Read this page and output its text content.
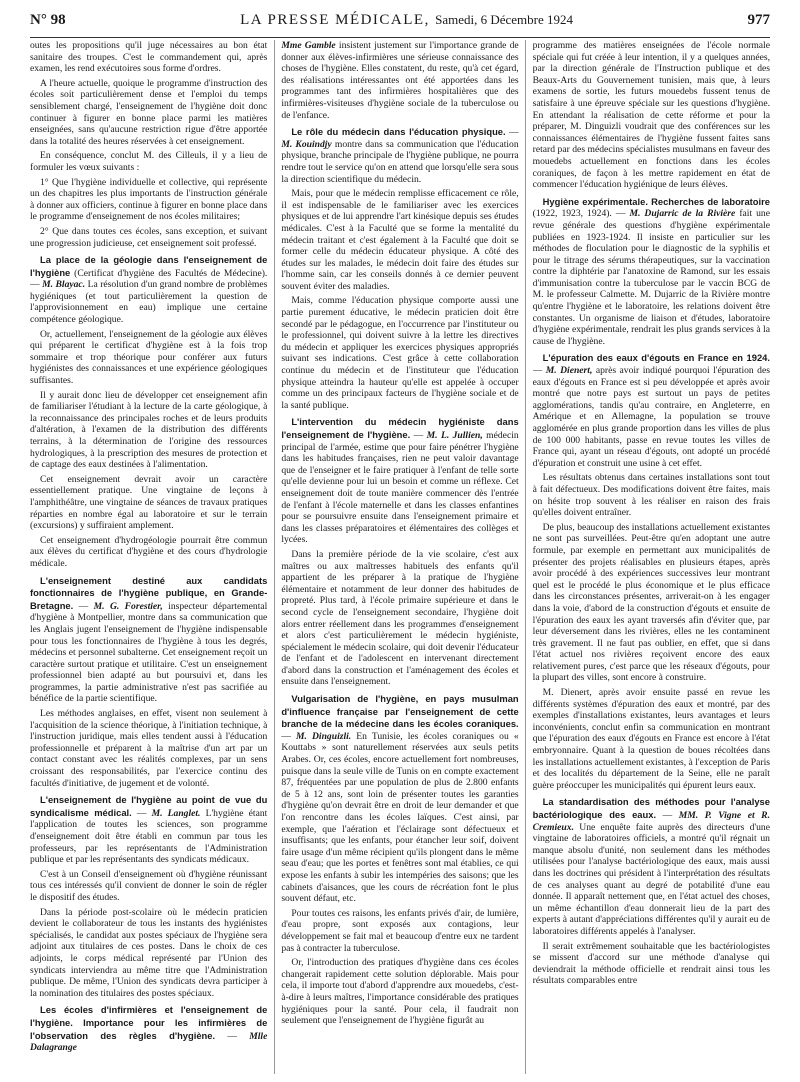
N° 98	LA PRESSE MÉDICALE, Samedi, 6 Décembre 1924	977

outes les propositions qu'il juge nécessaires au bon état sanitaire des troupes. C'est le commandement qui, après examen, les rend exécutoires sous forme d'ordres.

A l'heure actuelle, quoique le programme d'instruction des écoles soit particulièrement dense et l'emploi du temps sensiblement chargé, l'enseignement de l'hygiène doit donc continuer à figurer en bonne place parmi les matières enseignées, sans qu'aucune restriction rigue d'être apportée dans la totalité des heures réservées à cet enseignement.

En conséquence, conclut M. des Cilleuls, il y a lieu de formuler les vœux suivants :

1° Que l'hygiène individuelle et collective, qui représente un des chapitres les plus importants de l'instruction générale à donner aux officiers, continue à figurer en bonne place dans le programme d'enseignement de nos écoles militaires;

2° Que dans toutes ces écoles, sans exception, et suivant une progression judicieuse, cet enseignement soit professé.

La place de la géologie dans l'enseignement de l'hygiène (Certificat d'hygiène des Facultés de Médecine). — M. Blayac. La résolution d'un grand nombre de problèmes hygiéniques (et tout particulièrement la question de l'approvisionnement en eau) implique une certaine compétence géologique.

Or, actuellement, l'enseignement de la géologie aux élèves qui préparent le certificat d'hygiène est à la fois trop sommaire et trop théorique pour conférer aux futurs hygiénistes des connaissances et une expérience géologiques suffisantes.

Il y aurait donc lieu de développer cet enseignement afin de familiariser l'étudiant à la lecture de la carte géologique, à la reconnaissance des principales roches et de leurs produits d'altération, à l'examen de la distribution des différents terrains, à la détermination de l'origine des ressources hydrologiques, à la prescription des mesures de protection et de captage des eaux destinées à l'alimentation.

Cet enseignement devrait avoir un caractère essentiellement pratique. Une vingtaine de leçons à l'amphithéâtre, une vingtaine de séances de travaux pratiques réparties en nombre égal au laboratoire et sur le terrain (excursions) y suffiraient amplement.

Cet enseignement d'hydrogéologie pourrait être commun aux élèves du certificat d'hygiène et des cours d'hydrologie médicale.

L'enseignement destiné aux candidats fonctionnaires de l'hygiène publique, en Grande-Bretagne. — M. G. Forestier, inspecteur départemental d'hygiène à Montpellier, montre dans sa communication que les Anglais jugent l'enseignement de l'hygiène indispensable pour tous les fonctionnaires de l'hygiène à tous les degrés, médecins et personnel subalterne. Cet enseignement reçoit un caractère surtout pratique et utilitaire. C'est un enseignement professionnel bien adapté au but poursuivi et, dans les programmes, la partie administrative n'est pas sacrifiée au bénéfice de la partie scientifique.

Les méthodes anglaises, en effet, visent non seulement à l'acquisition de la science théorique, à l'initiation technique, à l'instruction juridique, mais elles tendent aussi à l'éducation professionnelle et préparent à la maîtrise d'un art par un contact constant avec les réalités complexes, par un sens croissant des responsabilités, par l'exercice continu des facultés d'initiative, de jugement et de volonté.

L'enseignement de l'hygiène au point de vue du syndicalisme médical. — M. Langlet. L'hygiène étant l'application de toutes les sciences, son programme d'enseignement doit être établi en commun par tous les professeurs, par les représentants de l'Administration publique et par les représentants des syndicats médicaux.

C'est à un Conseil d'enseignement où d'hygiène réunissant tous ces intéressés qu'il convient de donner le soin de régler le dispositif des études.

Dans la période post-scolaire où le médecin praticien devient le collaborateur de tous les instants des hygiénistes spécialisés, le candidat aux postes spéciaux de l'hygiène sera adjoint aux titulaires de ces postes. Dans le choix de ces adjoints, le corps médical représenté par l'Union des syndicats interviendra au même titre que l'Administration publique. De même, l'Union des syndicats devra participer à la nomination des titulaires des postes spéciaux.

Les écoles d'infirmières et l'enseignement de l'hygiène. Importance pour les infirmières de l'observation des règles d'hygiène. — Mlle Dalagrange

Mme Gamble insistent justement sur l'importance grande de donner aux élèves-infirmières une sérieuse connaissance des choses de l'hygiène. Elles constatent, du reste, qu'à cet égard, des réalisations intéressantes ont été apportées dans les programmes tant des infirmières hospitalières que des infirmières-visiteuses d'hygiène sociale de la tuberculose ou de l'enfance.

Le rôle du médecin dans l'éducation physique. — M. Kouindjy montre dans sa communication que l'éducation physique, branche principale de l'hygiène publique, ne pourra rendre tout le service qu'on en attend que lorsqu'elle sera sous la direction scientifique du médecin.

Mais, pour que le médecin remplisse efficacement ce rôle, il est indispensable de le familiariser avec les exercices physiques et de lui apprendre l'art kinésique depuis ses études médicales. C'est à la Faculté que se forme la mentalité du médecin traitant et c'est également à la Faculté que doit se former celle du médecin éducateur physique. A côté des études sur les malades, le médecin doit faire des études sur l'homme sain, car les conseils donnés à ce dernier peuvent souvent éviter des maladies.

Mais, comme l'éducation physique comporte aussi une partie purement éducative, le médecin praticien doit être secondé par le pédagogue, en l'occurrence par l'instituteur ou le professionnel, qui doivent suivre à la lettre les directives du médecin et appliquer les exercices physiques appropriés suivant ses indications. C'est grâce à cette collaboration continue du médecin et de l'instituteur que l'éducation physique atteindra la hauteur qu'elle est appelée à occuper comme un des principaux facteurs de l'hygiène sociale et de la santé publique.

L'intervention du médecin hygiéniste dans l'enseignement de l'hygiène. — M. L. Jullien, médecin principal de l'armée, estime que pour faire pénétrer l'hygiène dans les habitudes françaises, rien ne peut valoir davantage que de l'enseigner et le faire pratiquer à l'enfant de telle sorte qu'elle devienne pour lui un besoin et comme un réflexe. Cet enseignement doit de toute manière commencer dès l'entrée de l'enfant à l'école maternelle et dans les classes enfantines pour se poursuivre ensuite dans l'enseignement primaire et dans les classes préparatoires et élémentaires des collèges et lycées.

Dans la première période de la vie scolaire, c'est aux maîtres ou aux maîtresses habituels des enfants qu'il appartient de les préparer à la pratique de l'hygiène élémentaire et notamment de leur donner des habitudes de propreté. Plus tard, à l'école primaire supérieure et dans le second cycle de l'enseignement secondaire, l'hygiène doit alors entrer réellement dans les programmes d'enseignement et alors c'est particulièrement le médecin hygiéniste, spécialement le médecin scolaire, qui doit devenir l'éducateur de l'enfant et de l'adolescent en intervenant directement d'abord dans la construction et l'aménagement des écoles et ensuite dans l'enseignement.

Vulgarisation de l'hygiène, en pays musulman d'influence française par l'enseignement de cette branche de la médecine dans les écoles coraniques. — M. Dinguizli. En Tunisie, les écoles coraniques ou « Kouttabs » sont naturellement réservées aux seuls petits Arabes. Or, ces écoles, encore actuellement fort nombreuses, puisque dans la seule ville de Tunis on en compte exactement 87, fréquentées par une population de plus de 2.800 enfants de 5 à 12 ans, sont loin de présenter toutes les garanties d'hygiène qu'on devrait être en droit de leur demander et que l'on rencontre dans les écoles laïques. C'est ainsi, par exemple, que l'aération et l'éclairage sont défectueux et insuffisants; que les enfants, pour étancher leur soif, doivent faire usage d'un même récipient qu'ils plongent dans le même seau d'eau; que les portes et fenêtres sont mal établies, ce qui expose les enfants à subir les intempéries des saisons; que les cabinets d'aisances, que les cours de récréation font le plus souvent défaut, etc.

Pour toutes ces raisons, les enfants privés d'air, de lumière, d'eau propre, sont exposés aux contagions, leur développement se fait mal et beaucoup d'entre eux ne tardent pas à contracter la tuberculose.

Or, l'introduction des pratiques d'hygiène dans ces écoles changerait rapidement cette solution déplorable. Mais pour cela, il importe tout d'abord d'apprendre aux mouedebs, c'est-à-dire à leurs maîtres, l'importance considérable des pratiques hygiéniques pour la santé. Pour cela, il faudrait non seulement que l'enseignement de l'hygiène figurât au

programme des matières enseignées de l'école normale spéciale qui fut créée à leur intention, il y a quelques années, par la direction générale de l'Instruction publique et des Beaux-Arts du Gouvernement tunisien, mais que, à leurs examens de sortie, les futurs mouedebs fussent tenus de satisfaire à une épreuve spéciale sur les questions d'hygiène. En attendant la réalisation de cette réforme et pour la préparer, M. Dinguizli voudrait que des conférences sur les connaissances élémentaires de l'hygiène fussent faites sans retard par des médecins spécialistes musulmans en faveur des mouedebs actuellement en fonctions dans les écoles coraniques, de façon à les mettre rapidement en état de commencer l'éducation hygiénique de leurs élèves.

Hygiène expérimentale. Recherches de laboratoire (1922, 1923, 1924). — M. Dujarric de la Rivière fait une revue générale des questions d'hygiène expérimentale publiées en 1923-1924. Il insiste en particulier sur les méthodes de floculation pour le diagnostic de la syphilis et pour le titrage des sérums thérapeutiques, sur la vaccination contre la diphtérie par l'anatoxine de Ramond, sur les essais d'immunisation contre la tuberculose par le vaccin BCG de M. le professeur Calmette. M. Dujarric de la Rivière montre qu'entre l'hygiène et le laboratoire, les relations doivent être constantes. Un organisme de liaison et d'études, laboratoire d'hygiène expérimentale, rendrait les plus grands services à la cause de l'hygiène.

L'épuration des eaux d'égouts en France en 1924. — M. Dienert, après avoir indiqué pourquoi l'épuration des eaux d'égouts en France est si peu développée et après avoir montré que notre pays est surtout un pays de petites agglomérations, tandis qu'au contraire, en Angleterre, en Amérique et en Allemagne, la population se trouve agglomérée en plus grande proportion dans les villes de plus de 100 000 habitants, passe en revue toutes les villes de France qui, ayant un réseau d'égouts, ont adopté un procédé d'épuration et construit une usine à cet effet.

Les résultats obtenus dans certaines installations sont tout à fait défectueux. Des modifications doivent être faites, mais on hésite trop souvent à les réaliser en raison des frais qu'elles doivent entraîner.

De plus, beaucoup des installations actuellement existantes ne sont pas surveillées. Peut-être qu'en adoptant une autre formule, par exemple en permettant aux municipalités de présenter des projets réalisables en plusieurs étapes, après avoir procédé à des expériences successives leur montrant quel est le procédé le plus économique et le plus efficace dans les circonstances présentes, arriverait-on à les engager dans la voie, d'abord de la construction d'égouts et ensuite de l'épuration des eaux les ayant traversés afin d'éviter que, par leur déversement dans les rivières, elles ne les contaminent très gravement. Il ne faut pas oublier, en effet, que si dans l'état actuel nos rivières reçoivent encore des eaux relativement pures, c'est parce que les réseaux d'égouts, pour la plupart des villes, sont encore à construire.

M. Dienert, après avoir ensuite passé en revue les différents systèmes d'épuration des eaux et montré, par des exemples d'installations existantes, leurs avantages et leurs inconvénients, conclut enfin sa communication en montrant que l'épuration des eaux d'égouts en France est encore à l'état embryonnaire. Quant à la question de boues récoltées dans les installations actuellement existantes, à l'exception de Paris et des localités du département de la Seine, elle ne paraît guère préoccuper les municipalités qui épurent leurs eaux.

La standardisation des méthodes pour l'analyse bactériologique des eaux. — MM. P. Vigne et R. Cremieux. Une enquête faite auprès des directeurs d'une vingtaine de laboratoires officiels, a montré qu'il régnait un manque absolu d'unité, non seulement dans les méthodes utilisées pour l'analyse bactériologique des eaux, mais aussi dans les doctrines qui président à l'interprétation des résultats de ces analyses quant au degré de potabilité d'une eau donnée. Il apparaît nettement que, en l'état actuel des choses, un même échantillon d'eau donnerait lieu de la part des experts à autant d'appréciations différentes qu'il y aurait eu de laboratoires différents appelés à l'analyser.

Il serait extrêmement souhaitable que les bactériologistes se missent d'accord sur une méthode d'analyse qui deviendrait la méthode officielle et rendrait ainsi tous les résultats comparables entre
